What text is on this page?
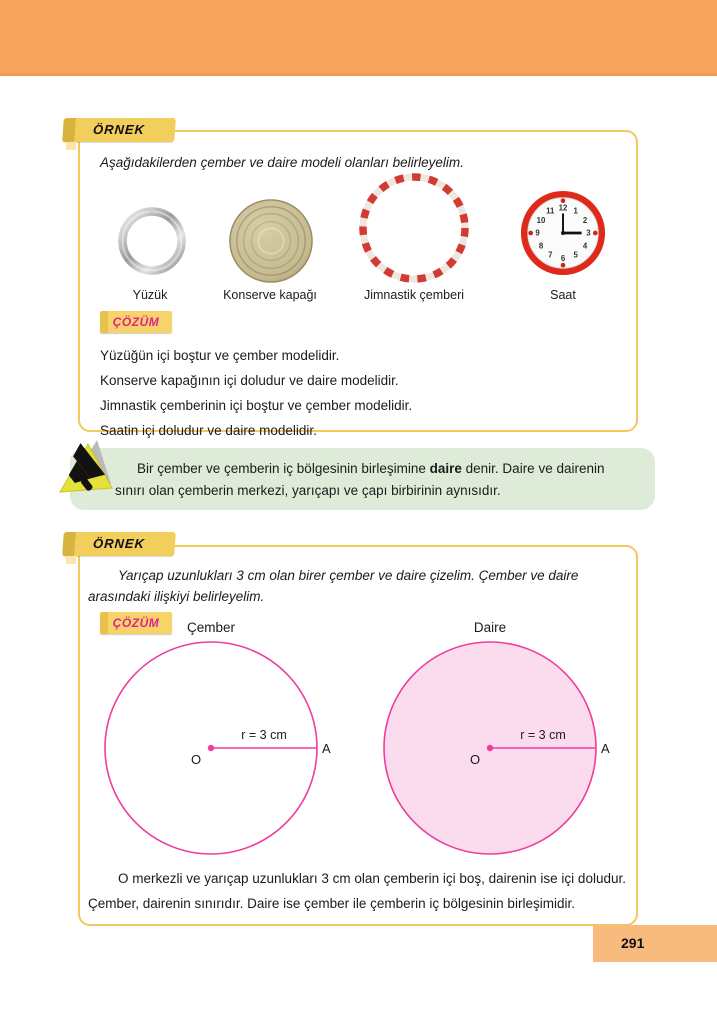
ÖRNEK
Aşağıdakilerden çember ve daire modeli olanları belirleyelim.
12 1
2
3
4
5
6
7
8
9
10
11
Yüzük	Konserve kapağı	Jimnastik çemberi	Saat
ÇÖZÜM
Yüzüğün içi boştur ve çember modelidir.
Konserve kapağının içi doludur ve daire modelidir.
Jimnastik çemberinin içi boştur ve çember modelidir.
Saatin içi doludur ve daire modelidir.

Bir çember ve çemberin iç bölgesinin birleşimine daire denir. Daire ve dairenin sınırı olan çemberin merkezi, yarıçapı ve çapı birbirinin aynısıdır.

ÖRNEK

Yarıçap uzunlukları 3 cm olan birer çember ve daire çizelim. Çember ve daire arasındaki ilişkiyi belirleyelim.

ÇÖZÜM	Çember	Daire
r = 3 cm
O
A
r = 3 cm
O
A

O merkezli ve yarıçap uzunlukları 3 cm olan çemberin içi boş, dairenin ise içi doludur. Çember, dairenin sınırıdır. Daire ise çember ile çemberin iç bölgesinin birleşimidir.

291
